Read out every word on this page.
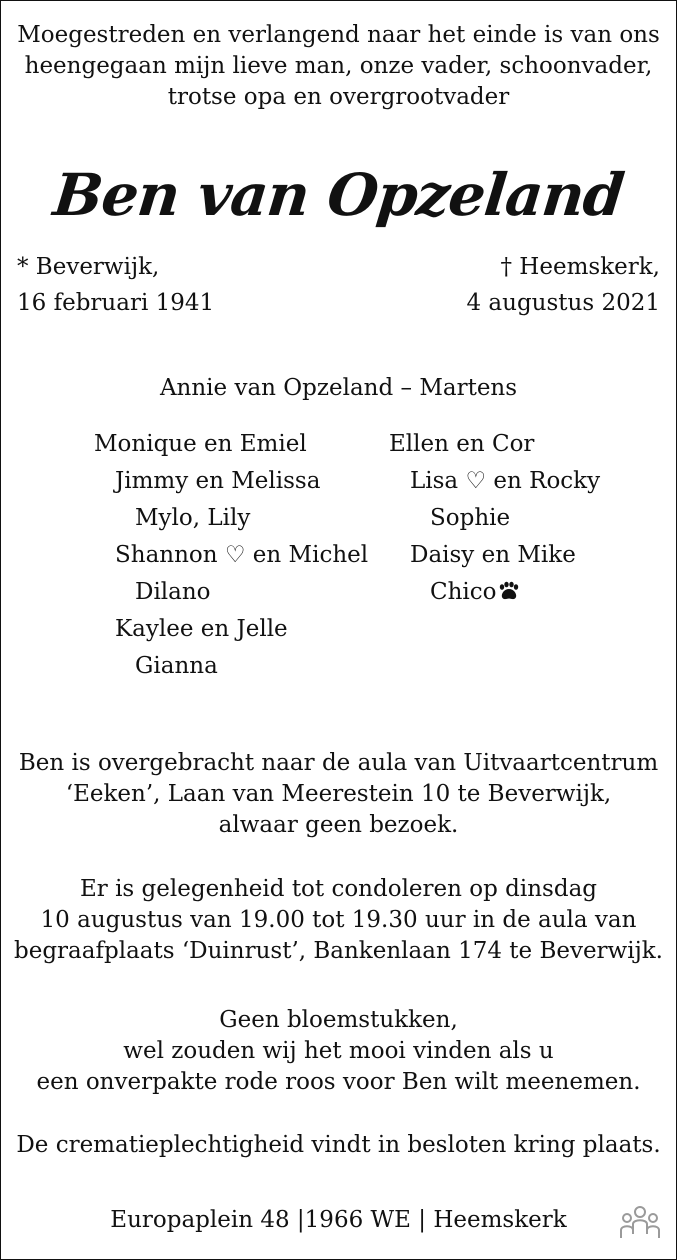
Moegestreden en verlangend naar het einde is van ons
heengegaan mijn lieve man, onze vader, schoonvader,
trotse opa en overgrootvader
Ben van Opzeland
* Beverwijk,
16 februari 1941
† Heemskerk,
4 augustus 2021
Annie van Opzeland – Martens
Monique en Emiel
Jimmy en Melissa
Mylo, Lily
Shannon ♡ en Michel
Dilano
Kaylee en Jelle
Gianna
Ellen en Cor
Lisa ♡ en Rocky
Sophie
Daisy en Mike
Chico
Ben is overgebracht naar de aula van Uitvaartcentrum
‘Eeken’, Laan van Meerestein 10 te Beverwijk,
alwaar geen bezoek.
Er is gelegenheid tot condoleren op dinsdag
10 augustus van 19.00 tot 19.30 uur in de aula van
begraafplaats ‘Duinrust’, Bankenlaan 174 te Beverwijk.
Geen bloemstukken,
wel zouden wij het mooi vinden als u
een onverpakte rode roos voor Ben wilt meenemen.
De crematieplechtigheid vindt in besloten kring plaats.
Europaplein 48 |1966 WE | Heemskerk
